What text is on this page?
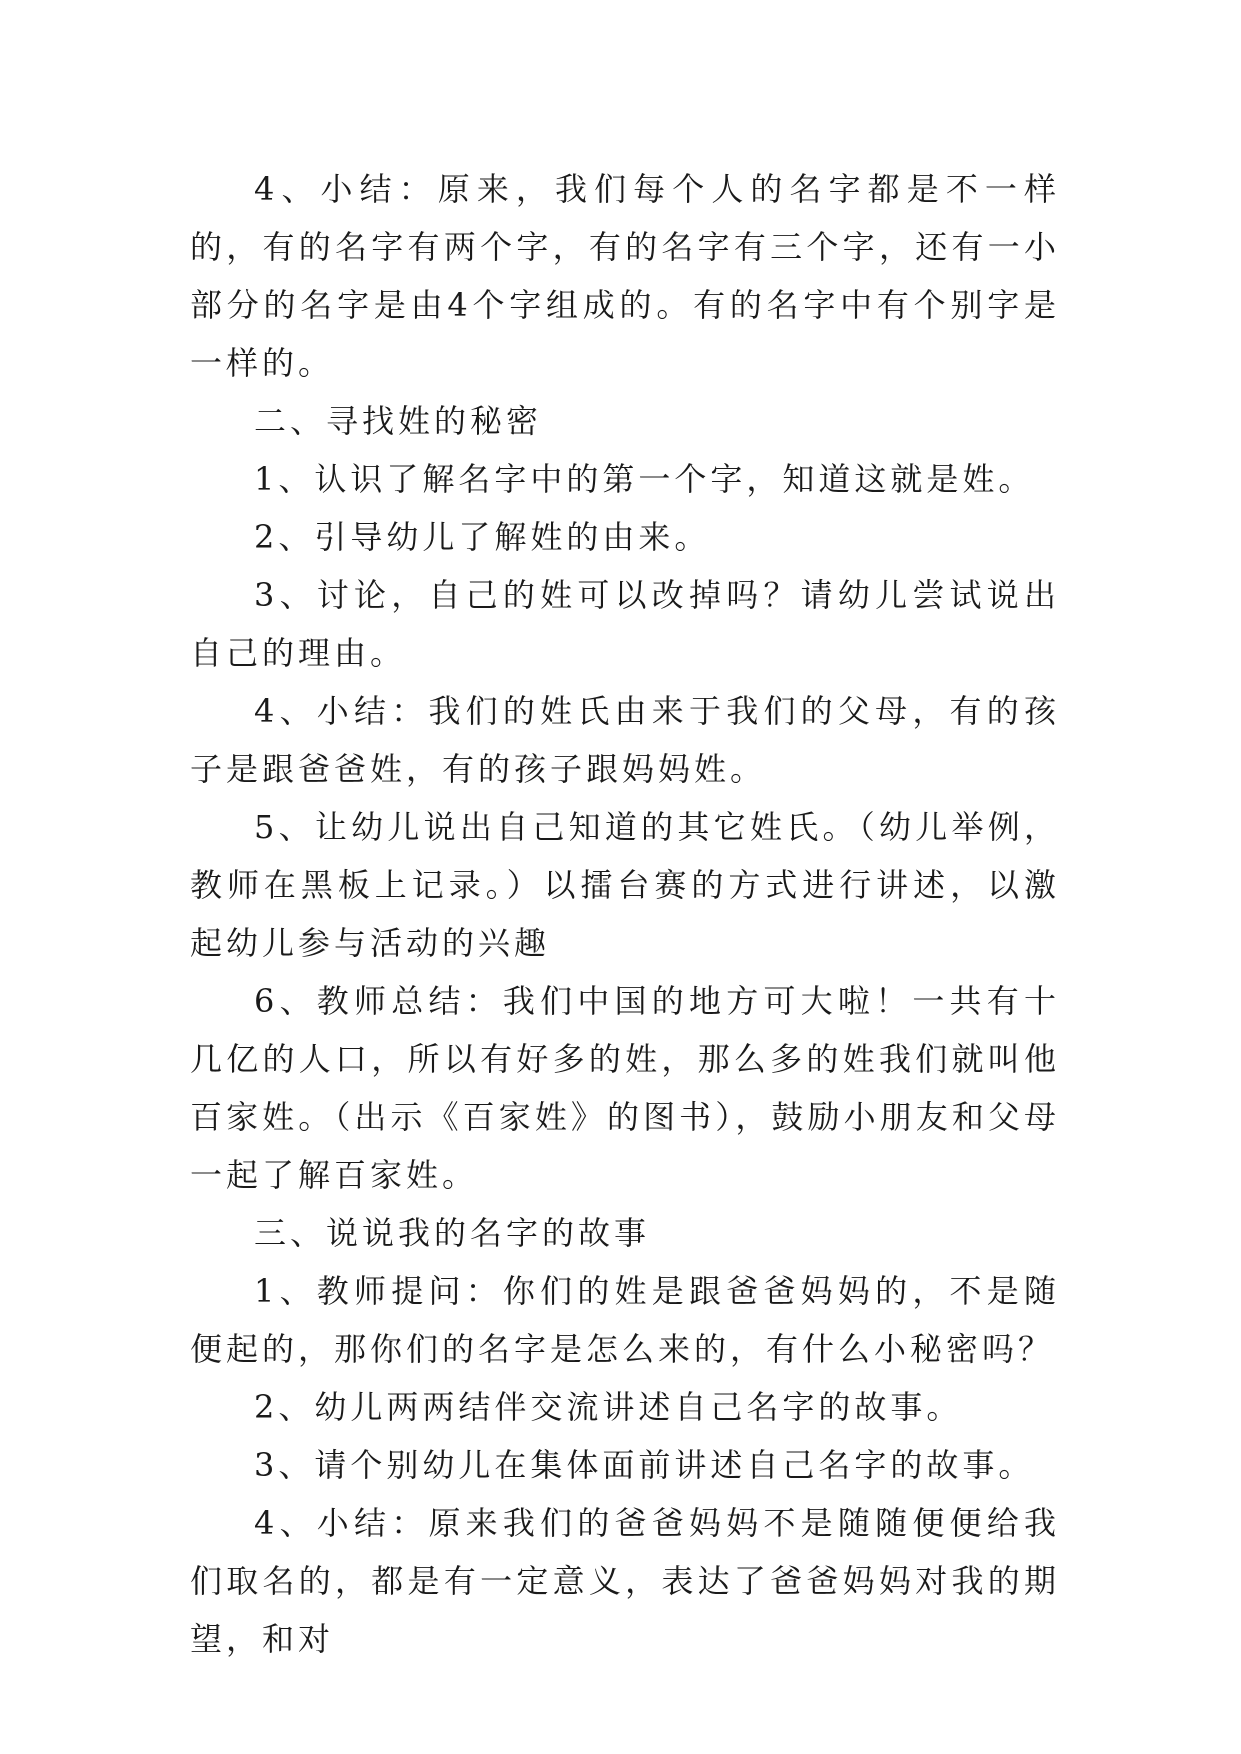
4、小结：原来，我们每个人的名字都是不一样的，有的名字有两个字，有的名字有三个字，还有一小部分的名字是由4个字组成的。有的名字中有个别字是一样的。

二、寻找姓的秘密

1、认识了解名字中的第一个字，知道这就是姓。

2、引导幼儿了解姓的由来。

3、讨论，自己的姓可以改掉吗？请幼儿尝试说出自己的理由。

4、小结：我们的姓氏由来于我们的父母，有的孩子是跟爸爸姓，有的孩子跟妈妈姓。

5、让幼儿说出自己知道的其它姓氏。（幼儿举例，教师在黑板上记录。）以擂台赛的方式进行讲述，以激起幼儿参与活动的兴趣

6、教师总结：我们中国的地方可大啦！一共有十几亿的人口，所以有好多的姓，那么多的姓我们就叫他百家姓。（出示《百家姓》的图书），鼓励小朋友和父母一起了解百家姓。

三、说说我的名字的故事

1、教师提问：你们的姓是跟爸爸妈妈的，不是随便起的，那你们的名字是怎么来的，有什么小秘密吗？

2、幼儿两两结伴交流讲述自己名字的故事。

3、请个别幼儿在集体面前讲述自己名字的故事。

4、小结：原来我们的爸爸妈妈不是随随便便给我们取名的，都是有一定意义，表达了爸爸妈妈对我的期望，和对
